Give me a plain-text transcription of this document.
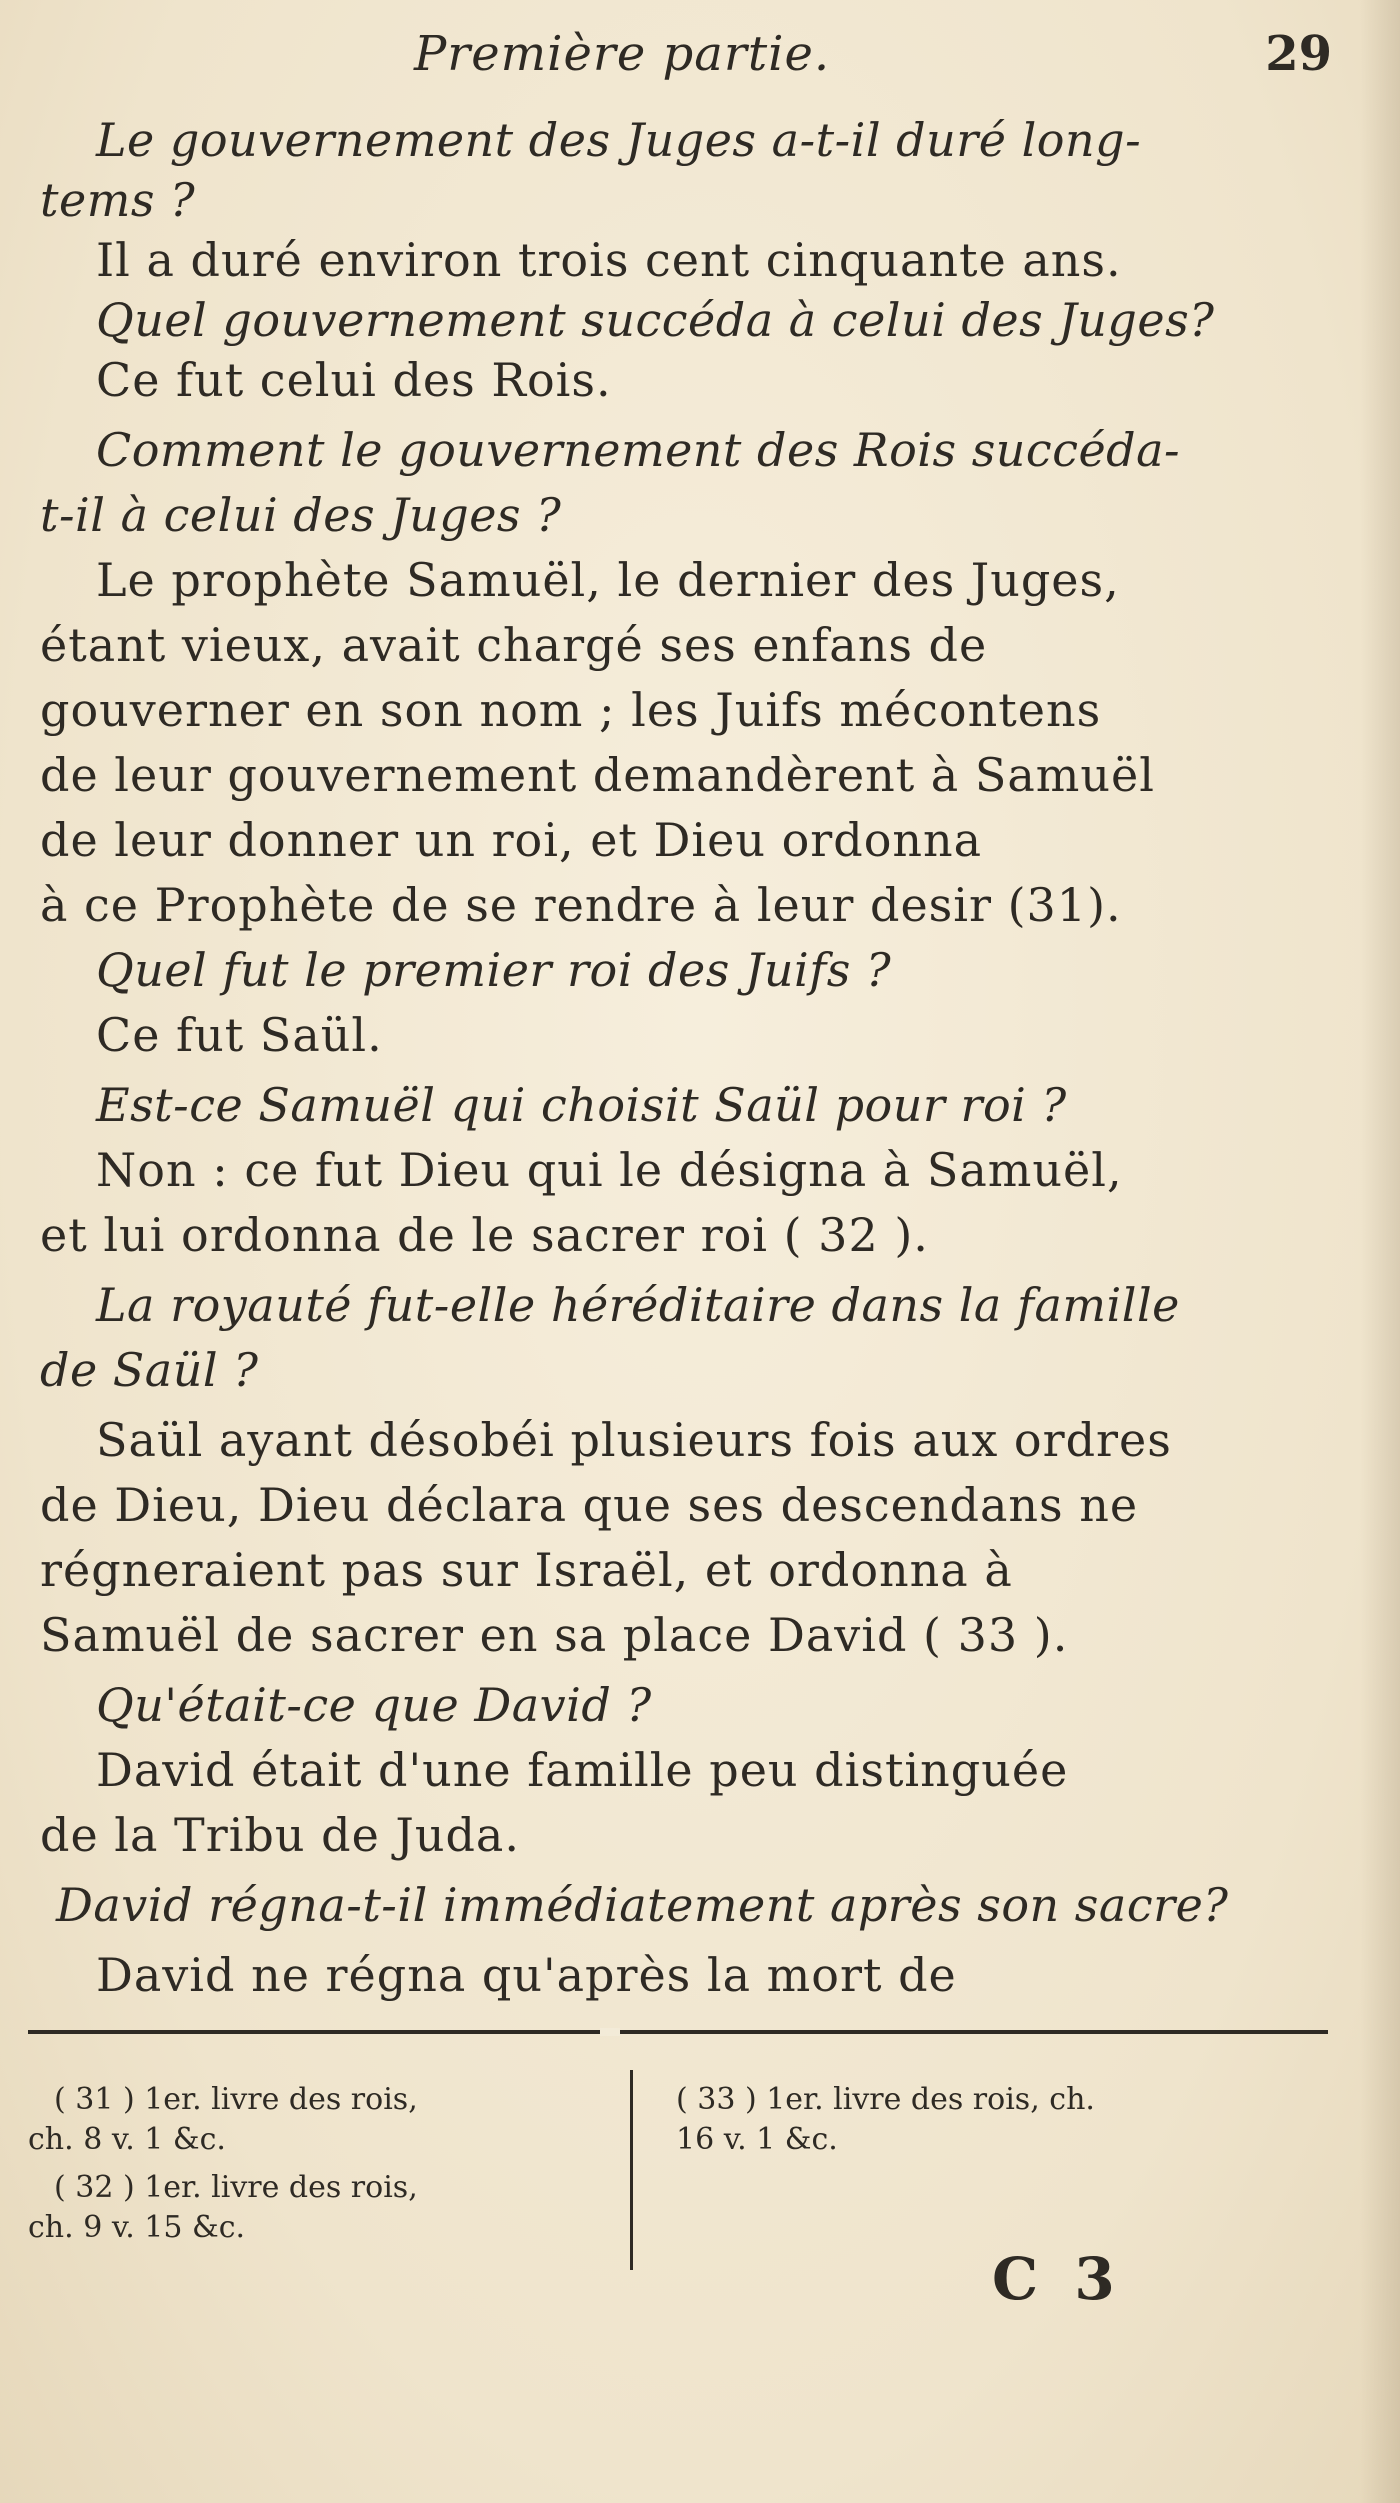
Première partie.	29
Le gouvernement des Juges a-t-il duré long-
tems ?
Il a duré environ trois cent cinquante ans.
Quel gouvernement succéda à celui des Juges?
Ce fut celui des Rois.
Comment le gouvernement des Rois succéda-
t-il à celui des Juges ?
Le prophète Samuël, le dernier des Juges,
étant vieux, avait chargé ses enfans de
gouverner en son nom ; les Juifs mécontens
de leur gouvernement demandèrent à Samuël
de leur donner un roi, et Dieu ordonna
à ce Prophète de se rendre à leur desir (31).
Quel fut le premier roi des Juifs ?
Ce fut Saül.
Est-ce Samuël qui choisit Saül pour roi ?
Non : ce fut Dieu qui le désigna à Samuël,
et lui ordonna de le sacrer roi ( 32 ).
La royauté fut-elle héréditaire dans la famille
de Saül ?
Saül ayant désobéi plusieurs fois aux ordres
de Dieu, Dieu déclara que ses descendans ne
régneraient pas sur Israël, et ordonna à
Samuël de sacrer en sa place David ( 33 ).
Qu'était-ce que David ?
David était d'une famille peu distinguée
de la Tribu de Juda.
David régna-t-il immédiatement après son sacre?
David ne régna qu'après la mort de
( 31 ) 1er. livre des rois,
ch. 8 v. 1 &c.
( 32 ) 1er. livre des rois,
ch. 9 v. 15 &c.
( 33 ) 1er. livre des rois, ch.
16 v. 1 &c.
C 3
